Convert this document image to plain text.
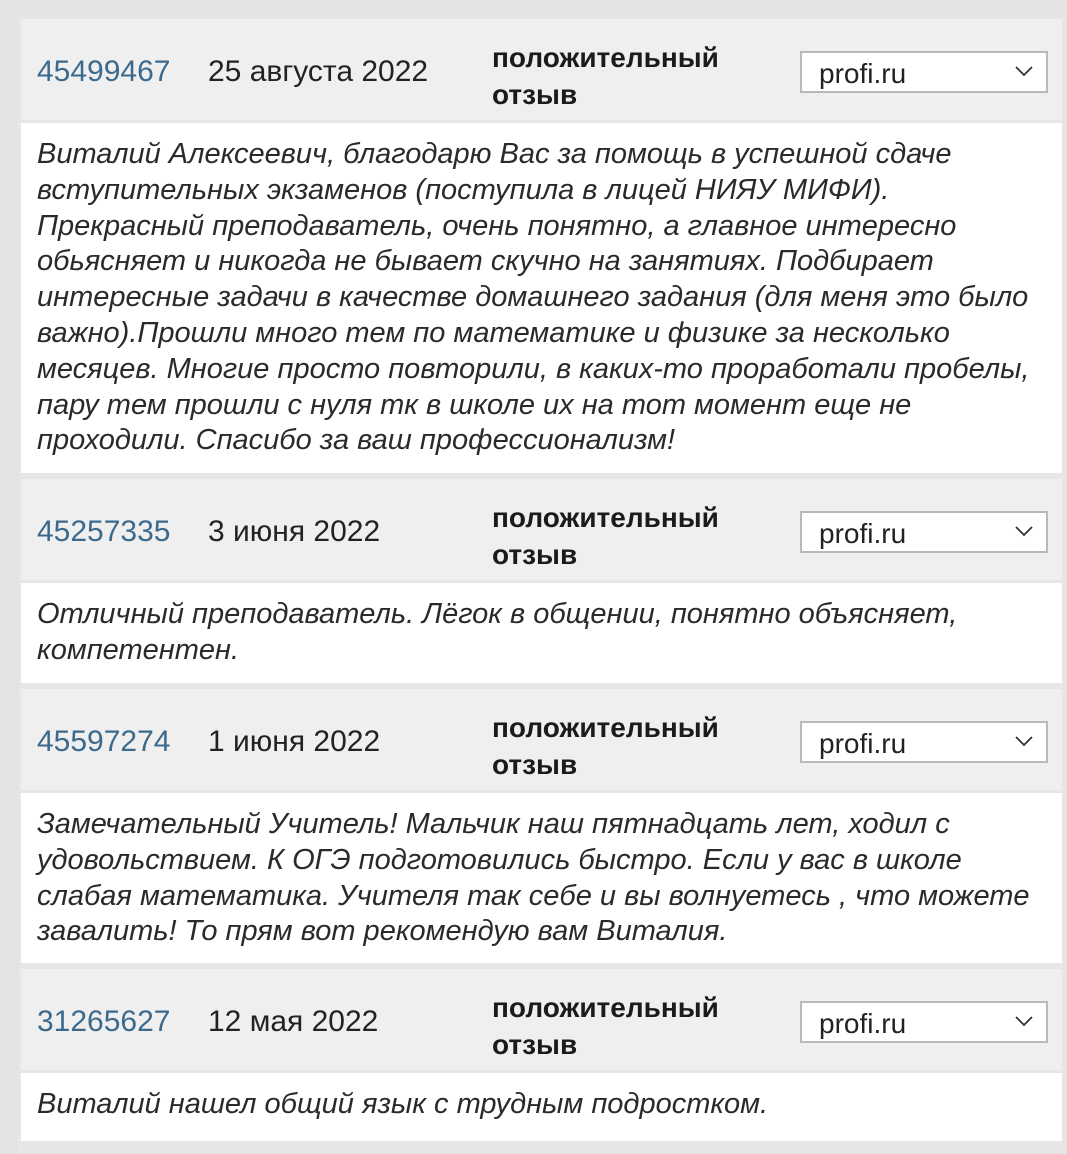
45499467 25 августа 2022 положительный отзыв
profi.ru
Виталий Алексеевич, благодарю Вас за помощь в успешной сдаче вступительных экзаменов (поступила в лицей НИЯУ МИФИ). Прекрасный преподаватель, очень понятно, а главное интересно обьясняет и никогда не бывает скучно на занятиях. Подбирает интересные задачи в качестве домашнего задания (для меня это было важно).Прошли много тем по математике и физике за несколько месяцев. Многие просто повторили, в каких-то проработали пробелы, пару тем прошли с нуля тк в школе их на тот момент еще не проходили. Спасибо за ваш профессионализм!
45257335 3 июня 2022	положительный отзыв
profi.ru
Отличный преподаватель. Лёгок в общении, понятно объясняет, компетентен.
45597274 1 июня 2022	положительный отзыв
profi.ru
Замечательный Учитель! Мальчик наш пятнадцать лет, ходил с удовольствием. К ОГЭ подготовились быстро. Если у вас в школе слабая математика. Учителя так себе и вы волнуетесь , что можете завалить! То прям вот рекомендую вам Виталия.
31265627 12 мая 2022	положительный отзыв
profi.ru
Виталий нашел общий язык с трудным подростком.
